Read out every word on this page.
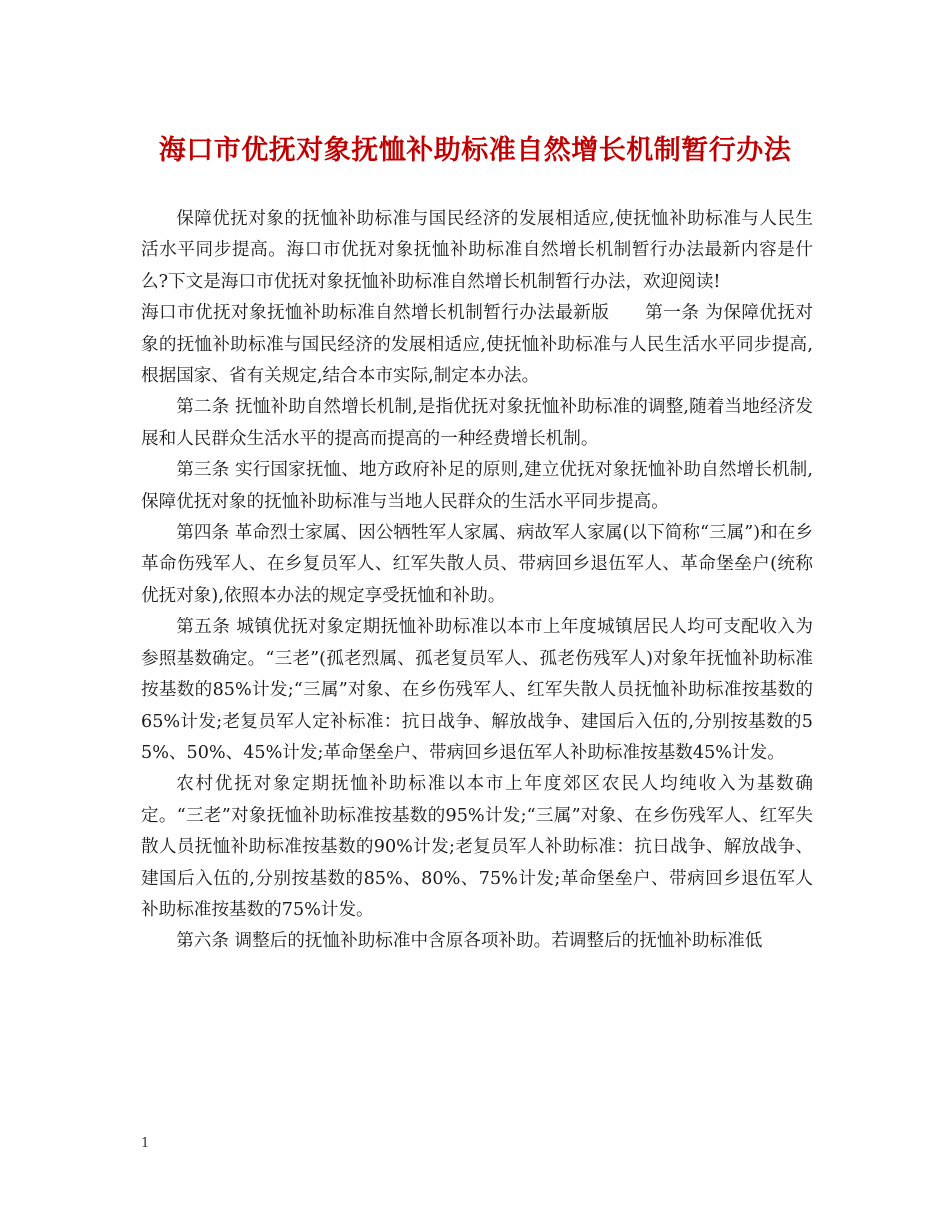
海口市优抚对象抚恤补助标准自然增长机制暂行办法

保障优抚对象的抚恤补助标准与国民经济的发展相适应,使抚恤补助标准与人民生活水平同步提高。海口市优抚对象抚恤补助标准自然增长机制暂行办法最新内容是什么?下文是海口市优抚对象抚恤补助标准自然增长机制暂行办法，欢迎阅读!

海口市优抚对象抚恤补助标准自然增长机制暂行办法最新版　　第一条 为保障优抚对象的抚恤补助标准与国民经济的发展相适应,使抚恤补助标准与人民生活水平同步提高,根据国家、省有关规定,结合本市实际,制定本办法。

第二条 抚恤补助自然增长机制,是指优抚对象抚恤补助标准的调整,随着当地经济发展和人民群众生活水平的提高而提高的一种经费增长机制。

第三条 实行国家抚恤、地方政府补足的原则,建立优抚对象抚恤补助自然增长机制,保障优抚对象的抚恤补助标准与当地人民群众的生活水平同步提高。

第四条 革命烈士家属、因公牺牲军人家属、病故军人家属(以下简称“三属”)和在乡革命伤残军人、在乡复员军人、红军失散人员、带病回乡退伍军人、革命堡垒户(统称优抚对象),依照本办法的规定享受抚恤和补助。

第五条 城镇优抚对象定期抚恤补助标准以本市上年度城镇居民人均可支配收入为参照基数确定。“三老”(孤老烈属、孤老复员军人、孤老伤残军人)对象年抚恤补助标准按基数的85%计发;“三属”对象、在乡伤残军人、红军失散人员抚恤补助标准按基数的65%计发;老复员军人定补标准：抗日战争、解放战争、建国后入伍的,分别按基数的55%、50%、45%计发;革命堡垒户、带病回乡退伍军人补助标准按基数45%计发。

农村优抚对象定期抚恤补助标准以本市上年度郊区农民人均纯收入为基数确定。“三老”对象抚恤补助标准按基数的95%计发;“三属”对象、在乡伤残军人、红军失散人员抚恤补助标准按基数的90%计发;老复员军人补助标准：抗日战争、解放战争、建国后入伍的,分别按基数的85%、80%、75%计发;革命堡垒户、带病回乡退伍军人补助标准按基数的75%计发。

第六条 调整后的抚恤补助标准中含原各项补助。若调整后的抚恤补助标准低

1
